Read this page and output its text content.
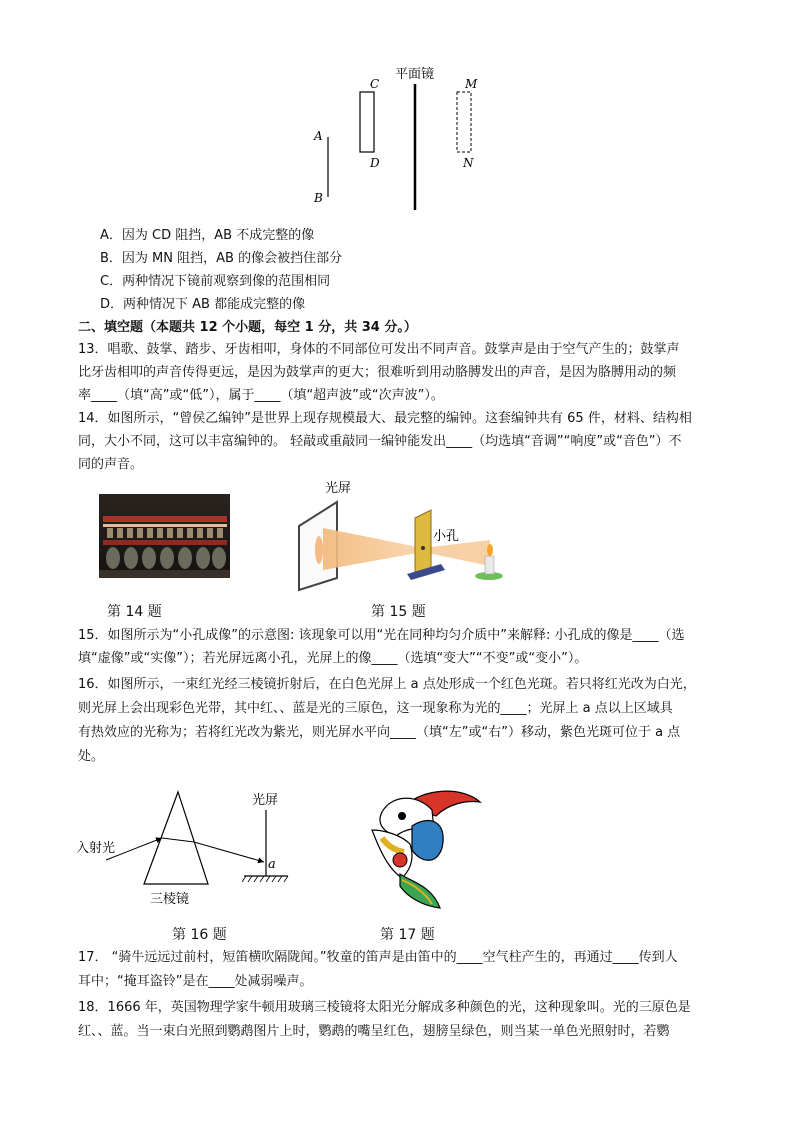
平面镜
A
B
C
D
M
N
A．因为 CD 阻挡，AB 不成完整的像
B．因为 MN 阻挡，AB 的像会被挡住部分
C．两种情况下镜前观察到像的范围相同
D．两种情况下 AB 都能成完整的像
二、填空题（本题共 12 个小题，每空 1 分，共 34 分。）
13．唱歌、鼓掌、踏步、牙齿相叩，身体的不同部位可发出不同声音。鼓掌声是由于空气产生的；鼓掌声
比牙齿相叩的声音传得更远，是因为鼓掌声的更大；很难听到用动胳膊发出的声音，是因为胳膊用动的频
率____（填“高”或“低”），属于____（填“超声波”或“次声波”）。
14．如图所示，“曾侯乙编钟”是世界上现存规模最大、最完整的编钟。这套编钟共有 65 件，材料、结构相
同，大小不同，这可以丰富编钟的。 轻敲或重敲同一编钟能发出____（均选填“音调”“响度”或“音色”）不
同的声音。
第 14 题
光屏
小孔
第 15 题
15．如图所示为“小孔成像”的示意图: 该现象可以用“光在同种均匀介质中”来解释: 小孔成的像是____（选
填“虚像”或“实像”）；若光屏远离小孔，光屏上的像____（选填“变大”“不变”或“变小”）。
16．如图所示，一束红光经三棱镜折射后，在白色光屏上 a 点处形成一个红色光斑。若只将红光改为白光，
则光屏上会出现彩色光带，其中红、、蓝是光的三原色，这一现象称为光的____；光屏上 a 点以上区域具
有热效应的光称为；若将红光改为紫光，则光屏水平向____（填“左”或“右”）移动，紫色光斑可位于 a 点
处。
入射光
三棱镜
光屏
a
第 16 题	第 17 题
17． “骑牛远远过前村，短笛横吹隔陇闻。”牧童的笛声是由笛中的____空气柱产生的，再通过____传到人
耳中；“掩耳盗铃”是在____处减弱噪声。
18．1666 年，英国物理学家牛顿用玻璃三棱镜将太阳光分解成多种颜色的光，这种现象叫。光的三原色是
红、、蓝。当一束白光照到鹦鹉图片上时，鹦鹉的嘴呈红色，翅膀呈绿色，则当某一单色光照射时，若鹦
